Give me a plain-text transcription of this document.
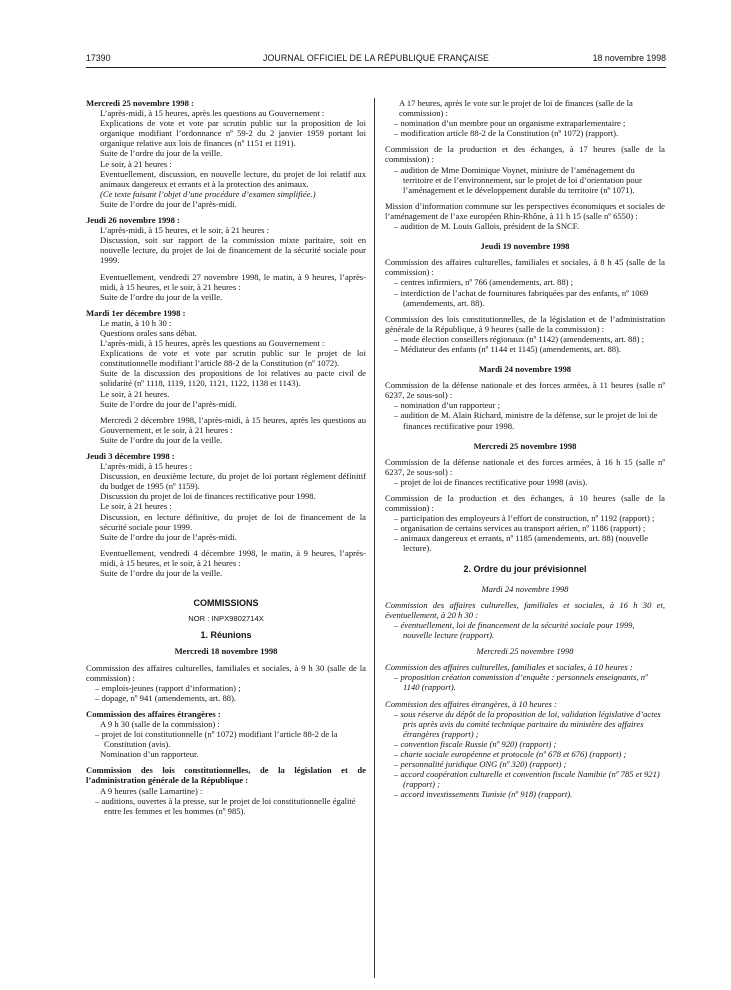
17390	JOURNAL OFFICIEL DE LA RÉPUBLIQUE FRANÇAISE	18 novembre 1998
Mercredi 25 novembre 1998 :
L’après-midi, à 15 heures, après les questions au Gouvernement :
Explications de vote et vote par scrutin public sur la proposition de loi organique modifiant l’ordonnance nº 59-2 du 2 janvier 1959 portant loi organique relative aux lois de finances (nº 1151 et 1191).
Suite de l’ordre du jour de la veille.
Le soir, à 21 heures :
Eventuellement, discussion, en nouvelle lecture, du projet de loi relatif aux animaux dangereux et errants et à la protection des animaux.
(Ce texte faisant l’objet d’une procédure d’examen simplifiée.)
Suite de l’ordre du jour de l’après-midi.
Jeudi 26 novembre 1998 :
L’après-midi, à 15 heures, et le soir, à 21 heures :
Discussion, soit sur rapport de la commission mixte paritaire, soit en nouvelle lecture, du projet de loi de financement de la sécurité sociale pour 1999.
Eventuellement, vendredi 27 novembre 1998, le matin, à 9 heures, l’après-midi, à 15 heures, et le soir, à 21 heures :
Suite de l’ordre du jour de la veille.
Mardi 1er décembre 1998 :
Le matin, à 10 h 30 :
Questions orales sans débat.
L’après-midi, à 15 heures, après les questions au Gouvernement :
Explications de vote et vote par scrutin public sur le projet de loi constitutionnelle modifiant l’article 88-2 de la Constitution (nº 1072).
Suite de la discussion des propositions de loi relatives au pacte civil de solidarité (nº 1118, 1119, 1120, 1121, 1122, 1138 et 1143).
Le soir, à 21 heures.
Suite de l’ordre du jour de l’après-midi.
Mercredi 2 décembre 1998, l’après-midi, à 15 heures, après les questions au Gouvernement, et le soir, à 21 heures :
Suite de l’ordre du jour de la veille.
Jeudi 3 décembre 1998 :
L’après-midi, à 15 heures :
Discussion, en deuxième lecture, du projet de loi portant règlement définitif du budget de 1995 (nº 1159).
Discussion du projet de loi de finances rectificative pour 1998.
Le soir, à 21 heures :
Discussion, en lecture définitive, du projet de loi de financement de la sécurité sociale pour 1999.
Suite de l’ordre du jour de l’après-midi.
Eventuellement, vendredi 4 décembre 1998, le matin, à 9 heures, l’après-midi, à 15 heures, et le soir, à 21 heures :
Suite de l’ordre du jour de la veille.
COMMISSIONS
NOR : INPX9802714X
1. Réunions
Mercredi 18 novembre 1998
Commission des affaires culturelles, familiales et sociales, à 9 h 30 (salle de la commission) :
– emplois-jeunes (rapport d’information) ;
– dopage, nº 941 (amendements, art. 88).
Commission des affaires étrangères :
A 9 h 30 (salle de la commission) :
– projet de loi constitutionnelle (nº 1072) modifiant l’article 88-2 de la Constitution (avis).
Nomination d’un rapporteur.
Commission des lois constitutionnelles, de la législation et de l’administration générale de la République :
A 9 heures (salle Lamartine) :
– auditions, ouvertes à la presse, sur le projet de loi constitutionnelle égalité entre les femmes et les hommes (nº 985).
A 17 heures, après le vote sur le projet de loi de finances (salle de la commission) :
– nomination d’un membre pour un organisme extraparlementaire ;
– modification article 88-2 de la Constitution (nº 1072) (rapport).
Commission de la production et des échanges, à 17 heures (salle de la commission) :
– audition de Mme Dominique Voynet, ministre de l’aménagement du territoire et de l’environnement, sur le projet de loi d’orientation pour l’aménagement et le développement durable du territoire (nº 1071).
Mission d’information commune sur les perspectives économiques et sociales de l’aménagement de l’axe européen Rhin-Rhône, à 11 h 15 (salle nº 6550) :
– audition de M. Louis Gallois, président de la SNCF.
Jeudi 19 novembre 1998
Commission des affaires culturelles, familiales et sociales, à 8 h 45 (salle de la commission) :
– centres infirmiers, nº 766 (amendements, art. 88) ;
– interdiction de l’achat de fournitures fabriquées par des enfants, nº 1069 (amendements, art. 88).
Commission des lois constitutionnelles, de la législation et de l’administration générale de la République, à 9 heures (salle de la commission) :
– mode élection conseillers régionaux (nº 1142) (amendements, art. 88) ;
– Médiateur des enfants (nº 1144 et 1145) (amendements, art. 88).
Mardi 24 novembre 1998
Commission de la défense nationale et des forces armées, à 11 heures (salle nº 6237, 2e sous-sol) :
– nomination d’un rapporteur ;
– audition de M. Alain Richard, ministre de la défense, sur le projet de loi de finances rectificative pour 1998.
Mercredi 25 novembre 1998
Commission de la défense nationale et des forces armées, à 16 h 15 (salle nº 6237, 2e sous-sol) :
– projet de loi de finances rectificative pour 1998 (avis).
Commission de la production et des échanges, à 10 heures (salle de la commission) :
– participation des employeurs à l’effort de construction, nº 1192 (rapport) ;
– organisation de certains services au transport aérien, nº 1186 (rapport) ;
– animaux dangereux et errants, nº 1185 (amendements, art. 88) (nouvelle lecture).
2. Ordre du jour prévisionnel
Mardi 24 novembre 1998
Commission des affaires culturelles, familiales et sociales, à 16 h 30 et, éventuellement, à 20 h 30 :
– éventuellement, loi de financement de la sécurité sociale pour 1999, nouvelle lecture (rapport).
Mercredi 25 novembre 1998
Commission des affaires culturelles, familiales et sociales, à 10 heures :
– proposition création commission d’enquête : personnels enseignants, nº 1140 (rapport).
Commission des affaires étrangères, à 10 heures :
– sous réserve du dépôt de la proposition de loi, validation législative d’actes pris après avis du comité technique paritaire du ministère des affaires étrangères (rapport) ;
– convention fiscale Russie (nº 920) (rapport) ;
– charte sociale européenne et protocole (nº 678 et 676) (rapport) ;
– personnalité juridique ONG (nº 320) (rapport) ;
– accord coopération culturelle et convention fiscale Namibie (nº 785 et 921) (rapport) ;
– accord investissements Tunisie (nº 918) (rapport).
